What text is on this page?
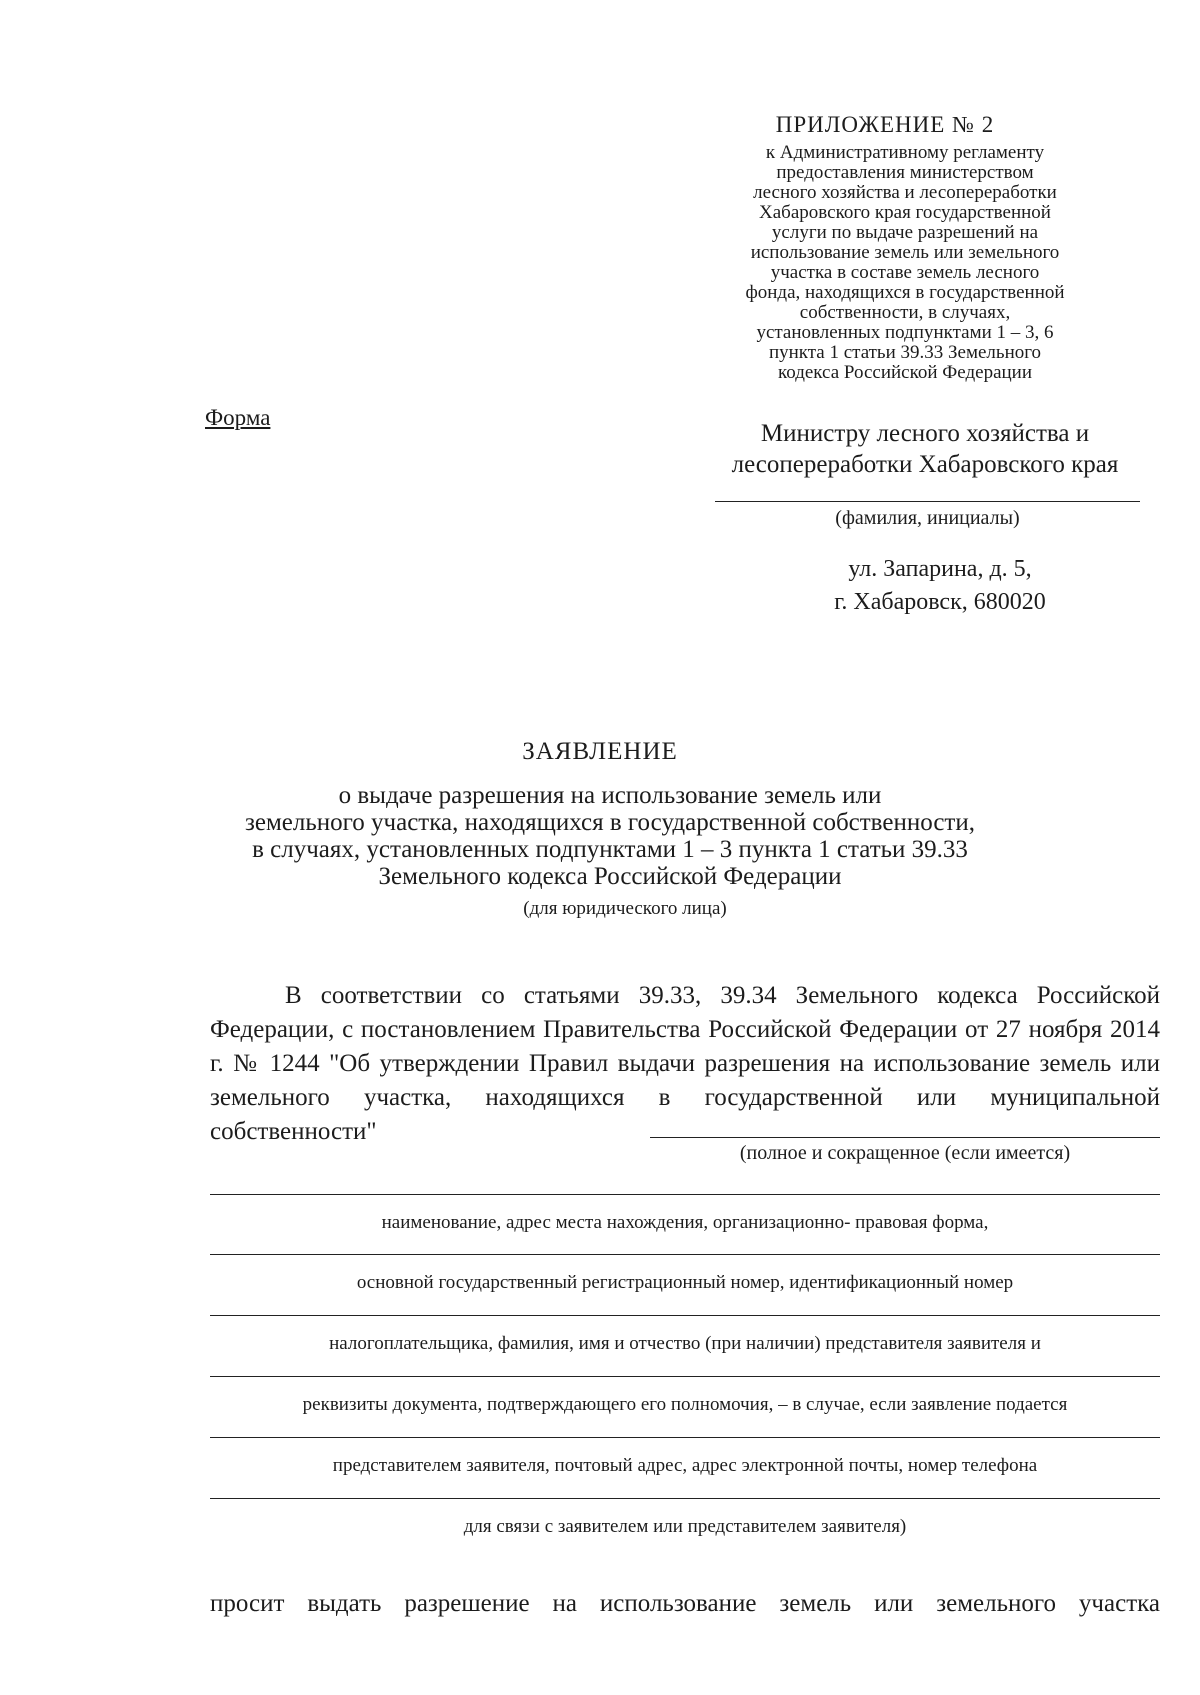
ПРИЛОЖЕНИЕ № 2
к Административному регламенту
предоставления министерством
лесного хозяйства и лесопереработки
Хабаровского края государственной
услуги по выдаче разрешений на
использование земель или земельного
участка в составе земель лесного
фонда, находящихся в государственной
собственности, в случаях,
установленных подпунктами 1 – 3, 6
пункта 1 статьи 39.33 Земельного
кодекса Российской Федерации
Форма
Министру лесного хозяйства и
лесопереработки Хабаровского края
(фамилия, инициалы)
ул. Запарина, д. 5,
г. Хабаровск, 680020
ЗАЯВЛЕНИЕ
о выдаче разрешения на использование земель или
земельного участка, находящихся в государственной собственности,
в случаях, установленных подпунктами 1 – 3 пункта 1 статьи 39.33
Земельного кодекса Российской Федерации
(для юридического лица)
В соответствии со статьями 39.33, 39.34 Земельного кодекса Российской Федерации, с постановлением Правительства Российской Федерации от 27 ноября 2014 г. № 1244 "Об утверждении Правил выдачи разрешения на использование земель или земельного участка, находящихся в государственной или муниципальной собственности"
(полное и сокращенное (если имеется)
наименование, адрес места нахождения, организационно- правовая форма,
основной государственный регистрационный номер, идентификационный номер
налогоплательщика, фамилия, имя и отчество (при наличии) представителя заявителя и
реквизиты документа, подтверждающего его полномочия, – в случае, если заявление подается
представителем заявителя, почтовый адрес, адрес электронной почты, номер телефона
для связи с заявителем или представителем заявителя)
просит выдать разрешение на использование земель или земельного участка
